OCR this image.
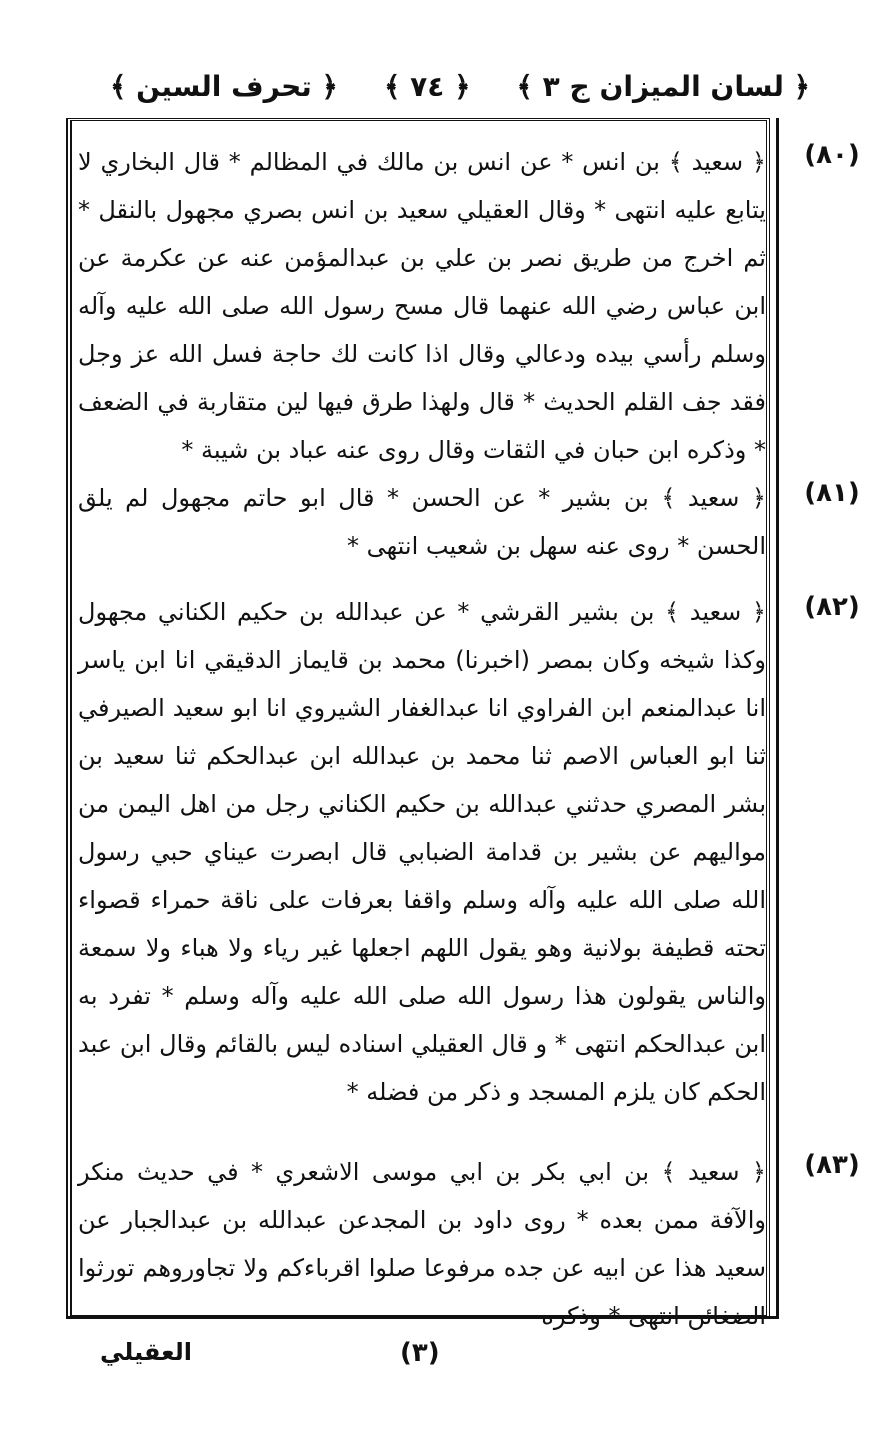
﴿ لسان الميزان ج ٣ ﴾
﴿ ٧٤ ﴾
﴿ تحرف السين ﴾
(٨٠)
(٨١)
(٨٢)
(٨٣)

﴿ سعيد ﴾ بن انس * عن انس بن مالك في المظالم * قال البخاري لا يتابع عليه انتهى * وقال العقيلي سعيد بن انس بصري مجهول بالنقل * ثم اخرج من طريق نصر بن علي بن عبدالمؤمن عنه عن عكرمة عن ابن عباس رضي الله عنهما قال مسح رسول الله صلى الله عليه وآله وسلم رأسي بيده ودعالي وقال اذا كانت لك حاجة فسل الله عز وجل فقد جف القلم الحديث * قال ولهذا طرق فيها لين متقاربة في الضعف * وذكره ابن حبان في الثقات وقال روى عنه عباد بن شيبة *

﴿ سعيد ﴾ بن بشير * عن الحسن * قال ابو حاتم مجهول لم يلق الحسن * روى عنه سهل بن شعيب انتهى *

﴿ سعيد ﴾ بن بشير القرشي * عن عبدالله بن حكيم الكناني مجهول وكذا شيخه وكان بمصر (اخبرنا) محمد بن قايماز الدقيقي انا ابن ياسر انا عبدالمنعم ابن الفراوي انا عبدالغفار الشيروي انا ابو سعيد الصيرفي ثنا ابو العباس الاصم ثنا محمد بن عبدالله ابن عبدالحكم ثنا سعيد بن بشر المصري حدثني عبدالله بن حكيم الكناني رجل من اهل اليمن من مواليهم عن بشير بن قدامة الضبابي قال ابصرت عيناي حبي رسول الله صلى الله عليه وآله وسلم واقفا بعرفات على ناقة حمراء قصواء تحته قطيفة بولانية وهو يقول اللهم اجعلها غير رياء ولا هباء ولا سمعة والناس يقولون هذا رسول الله صلى الله عليه وآله وسلم * تفرد به ابن عبدالحكم انتهى * و قال العقيلي اسناده ليس بالقائم وقال ابن عبد الحكم كان يلزم المسجد و ذكر من فضله *

﴿ سعيد ﴾ بن ابي بكر بن ابي موسى الاشعري * في حديث منكر والآفة ممن بعده * روى داود بن المجدعن عبدالله بن عبدالجبار عن سعيد هذا عن ابيه عن جده مرفوعا صلوا اقرباءكم ولا تجاوروهم تورثوا الضغائن انتهى * وذكره

العقيلي	(٣)
